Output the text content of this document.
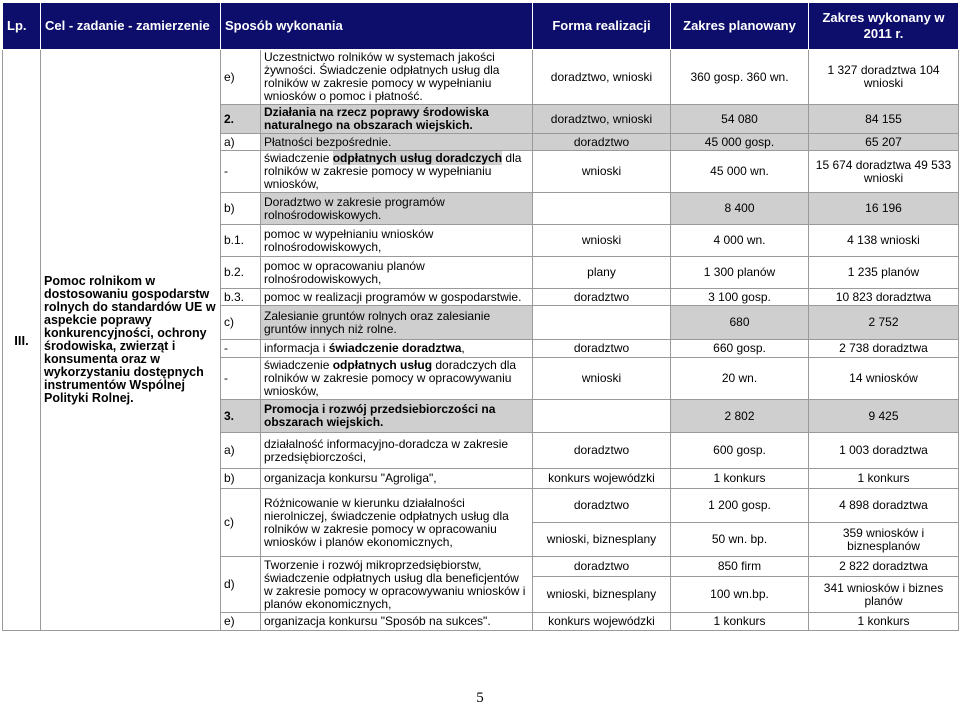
Lp.	Cel - zadanie - zamierzenie	Sposób wykonania		Forma realizacji	Zakres planowany	Zakres wykonany w 2011 r.
III.	Pomoc rolnikom w dostosowaniu gospodarstw rolnych do standardów UE w aspekcie poprawy konkurencyjności, ochrony środowiska, zwierząt i konsumenta oraz w wykorzystaniu dostępnych instrumentów Wspólnej Polityki Rolnej.	e)	Uczestnictwo rolników w systemach jakości żywności. Świadczenie odpłatnych usług dla rolników w zakresie pomocy w wypełnianiu wniosków o pomoc i płatność.	doradztwo, wnioski	360 gosp. 360 wn.	1 327 doradztwa 104 wnioski
		2.	Działania na rzecz poprawy środowiska naturalnego na obszarach wiejskich.	doradztwo, wnioski	54 080	84 155
		a)	Płatności bezpośrednie.	doradztwo	45 000 gosp.	65 207
		-	świadczenie odpłatnych usług doradczych dla rolników w zakresie pomocy w wypełnianiu wniosków,	wnioski	45 000 wn.	15 674 doradztwa 49 533 wnioski
		b)	Doradztwo w zakresie programów rolnośrodowiskowych.		8 400	16 196
		b.1.	pomoc w wypełnianiu wniosków rolnośrodowiskowych,	wnioski	4 000 wn.	4 138 wnioski
		b.2.	pomoc w opracowaniu planów rolnośrodowiskowych,	plany	1 300 planów	1 235 planów
		b.3.	pomoc w realizacji programów w gospodarstwie.	doradztwo	3 100 gosp.	10 823 doradztwa
		c)	Zalesianie gruntów rolnych oraz zalesianie gruntów innych niż rolne.		680	2 752
		-	informacja i świadczenie doradztwa,	doradztwo	660 gosp.	2 738 doradztwa
		-	świadczenie odpłatnych usług doradczych dla rolników w zakresie pomocy w opracowywaniu wniosków,	wnioski	20 wn.	14 wniosków
		3.	Promocja i rozwój przedsiebiorczości na obszarach wiejskich.		2 802	9 425
		a)	działalność informacyjno-doradcza w zakresie przedsiębiorczości,	doradztwo	600 gosp.	1 003 doradztwa
		b)	organizacja konkursu "Agroliga",	konkurs wojewódzki	1 konkurs	1 konkurs
		c)	Różnicowanie w kierunku działalności nierolniczej, świadczenie odpłatnych usług dla rolników w zakresie pomocy w opracowaniu wniosków i planów ekonomicznych,	doradztwo	1 200 gosp.	4 898 doradztwa
				wnioski, biznesplany	50 wn. bp.	359 wniosków i biznesplanów
		d)	Tworzenie i rozwój mikroprzedsiębiorstw, świadczenie odpłatnych usług dla beneficjentów w zakresie pomocy w opracowywaniu wniosków i planów ekonomicznych,	doradztwo	850 firm	2 822 doradztwa
				wnioski, biznesplany	100 wn.bp.	341 wniosków i biznes planów
		e)	organizacja konkursu "Sposób na sukces".	konkurs wojewódzki	1 konkurs	1 konkurs
5
